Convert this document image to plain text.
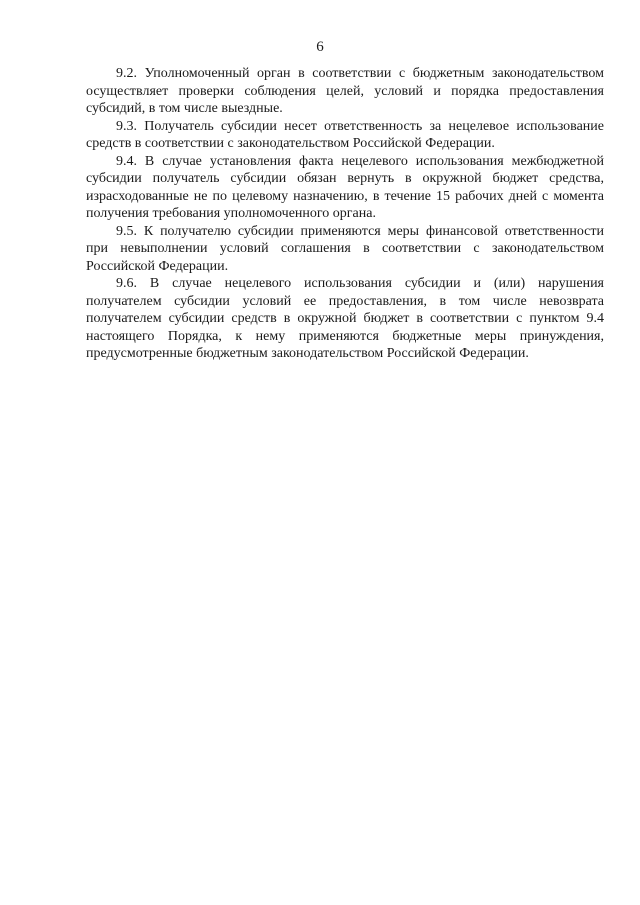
6

9.2. Уполномоченный орган в соответствии с бюджетным законодательством осуществляет проверки соблюдения целей, условий и порядка предоставления субсидий, в том числе выездные.

9.3. Получатель субсидии несет ответственность за нецелевое использование средств в соответствии с законодательством Российской Федерации.

9.4. В случае установления факта нецелевого использования межбюджетной субсидии получатель субсидии обязан вернуть в окружной бюджет средства, израсходованные не по целевому назначению, в течение 15 рабочих дней с момента получения требования уполномоченного органа.

9.5. К получателю субсидии применяются меры финансовой ответственности при невыполнении условий соглашения в соответствии с законодательством Российской Федерации.

9.6. В случае нецелевого использования субсидии и (или) нарушения получателем субсидии условий ее предоставления, в том числе невозврата получателем субсидии средств в окружной бюджет в соответствии с пунктом 9.4 настоящего Порядка, к нему применяются бюджетные меры принуждения, предусмотренные бюджетным законодательством Российской Федерации.
